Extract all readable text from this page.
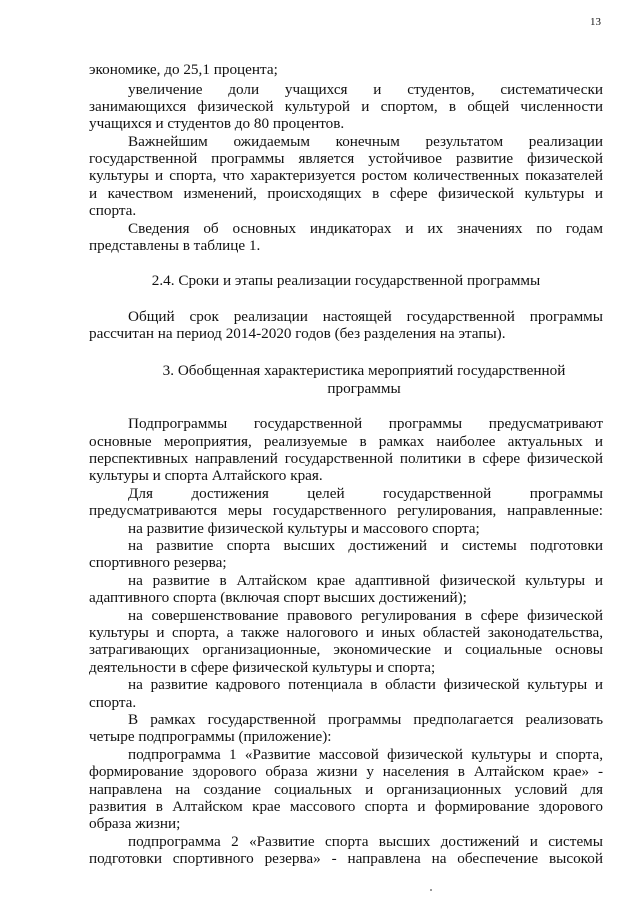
13
экономике, до 25,1 процента;
увеличение доли учащихся и студентов, систематически
занимающихся физической культурой и спортом, в общей численности
учащихся и студентов до 80 процентов.
Важнейшим ожидаемым конечным результатом реализации
государственной программы является устойчивое развитие физической
культуры и спорта, что характеризуется ростом количественных показателей
и качеством изменений, происходящих в сфере физической культуры и
спорта.
Сведения об основных индикаторах и их значениях по годам
представлены в таблице 1.
2.4. Сроки и этапы реализации государственной программы
Общий срок реализации настоящей государственной программы
рассчитан на период 2014-2020 годов (без разделения на этапы).
3. Обобщенная характеристика мероприятий государственной
программы
Подпрограммы государственной программы предусматривают
основные мероприятия, реализуемые в рамках наиболее актуальных и
перспективных направлений государственной политики в сфере физической
культуры и спорта Алтайского края.
Для достижения целей государственной программы
предусматриваются меры государственного регулирования, направленные:
на развитие физической культуры и массового спорта;
на развитие спорта высших достижений и системы подготовки
спортивного резерва;
на развитие в Алтайском крае адаптивной физической культуры и
адаптивного спорта (включая спорт высших достижений);
на совершенствование правового регулирования в сфере физической
культуры и спорта, а также налогового и иных областей законодательства,
затрагивающих организационные, экономические и социальные основы
деятельности в сфере физической культуры и спорта;
на развитие кадрового потенциала в области физической культуры и
спорта.
В рамках государственной программы предполагается реализовать
четыре подпрограммы (приложение):
подпрограмма 1 «Развитие массовой физической культуры и спорта,
формирование здорового образа жизни у населения в Алтайском крае» -
направлена на создание социальных и организационных условий для
развития в Алтайском крае массового спорта и формирование здорового
образа жизни;
подпрограмма 2 «Развитие спорта высших достижений и системы
подготовки спортивного резерва» - направлена на обеспечение высокой
